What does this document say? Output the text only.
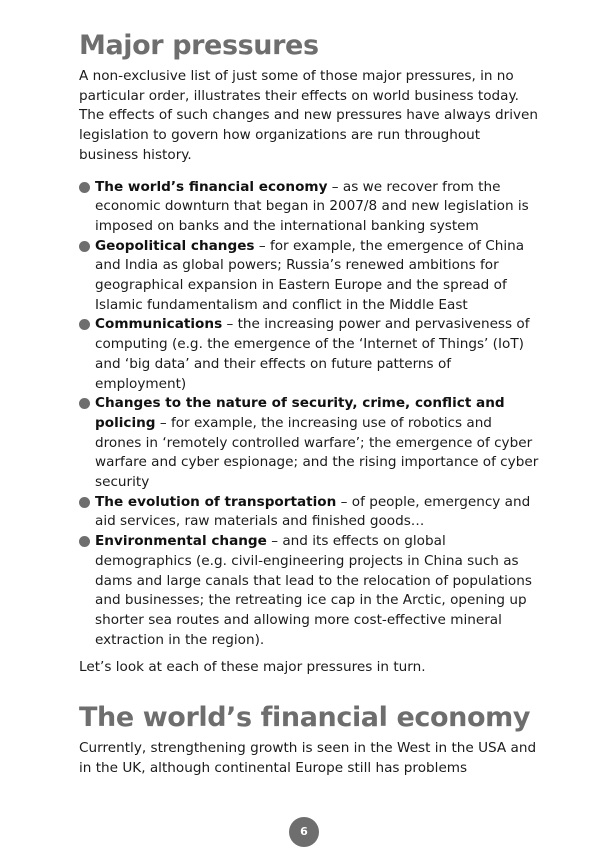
Major pressures

A non-exclusive list of just some of those major pressures, in no particular order, illustrates their effects on world business today. The effects of such changes and new pressures have always driven legislation to govern how organizations are run throughout business history.

The world’s financial economy – as we recover from the economic downturn that began in 2007/8 and new legislation is imposed on banks and the international banking system
Geopolitical changes – for example, the emergence of China and India as global powers; Russia’s renewed ambitions for geographical expansion in Eastern Europe and the spread of Islamic fundamentalism and conflict in the Middle East
Communications – the increasing power and pervasiveness of computing (e.g. the emergence of the ‘Internet of Things’ (IoT) and ‘big data’ and their effects on future patterns of employment)
Changes to the nature of security, crime, conflict and policing – for example, the increasing use of robotics and drones in ‘remotely controlled warfare’; the emergence of cyber warfare and cyber espionage; and the rising importance of cyber security
The evolution of transportation – of people, emergency and aid services, raw materials and finished goods…
Environmental change – and its effects on global demographics (e.g. civil-engineering projects in China such as dams and large canals that lead to the relocation of populations and businesses; the retreating ice cap in the Arctic, opening up shorter sea routes and allowing more cost-effective mineral extraction in the region).

Let’s look at each of these major pressures in turn.

The world’s financial economy

Currently, strengthening growth is seen in the West in the USA and in the UK, although continental Europe still has problems

6
